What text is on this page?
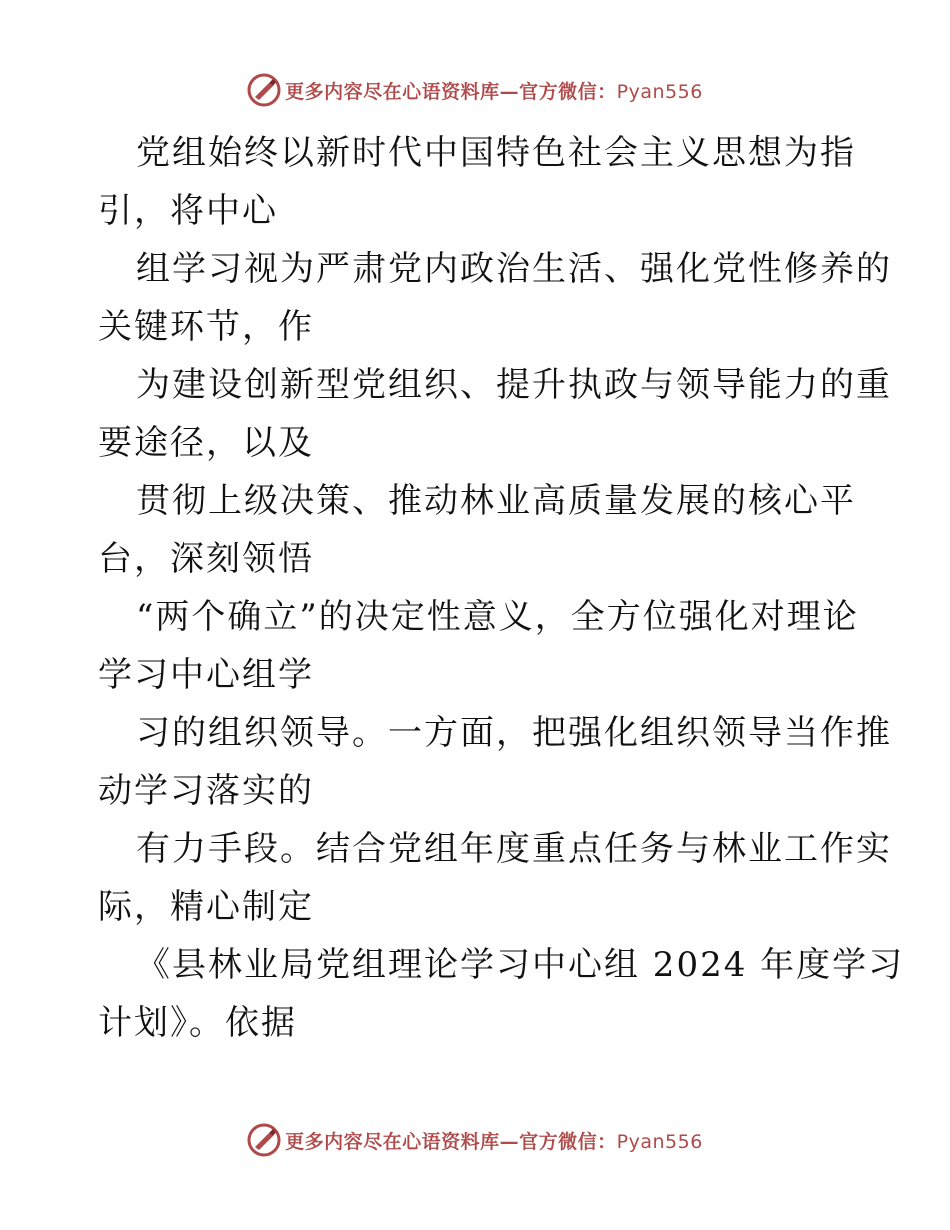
更多内容尽在心语资料库—官方微信：Pyan556
党组始终以新时代中国特色社会主义思想为指
引，将中心
组学习视为严肃党内政治生活、强化党性修养的
关键环节，作
为建设创新型党组织、提升执政与领导能力的重
要途径，以及
贯彻上级决策、推动林业高质量发展的核心平
台，深刻领悟
“两个确立”的决定性意义，全方位强化对理论
学习中心组学
习的组织领导。一方面，把强化组织领导当作推
动学习落实的
有力手段。结合党组年度重点任务与林业工作实
际，精心制定
《县林业局党组理论学习中心组 2024 年度学习
计划》。依据
更多内容尽在心语资料库—官方微信：Pyan556
